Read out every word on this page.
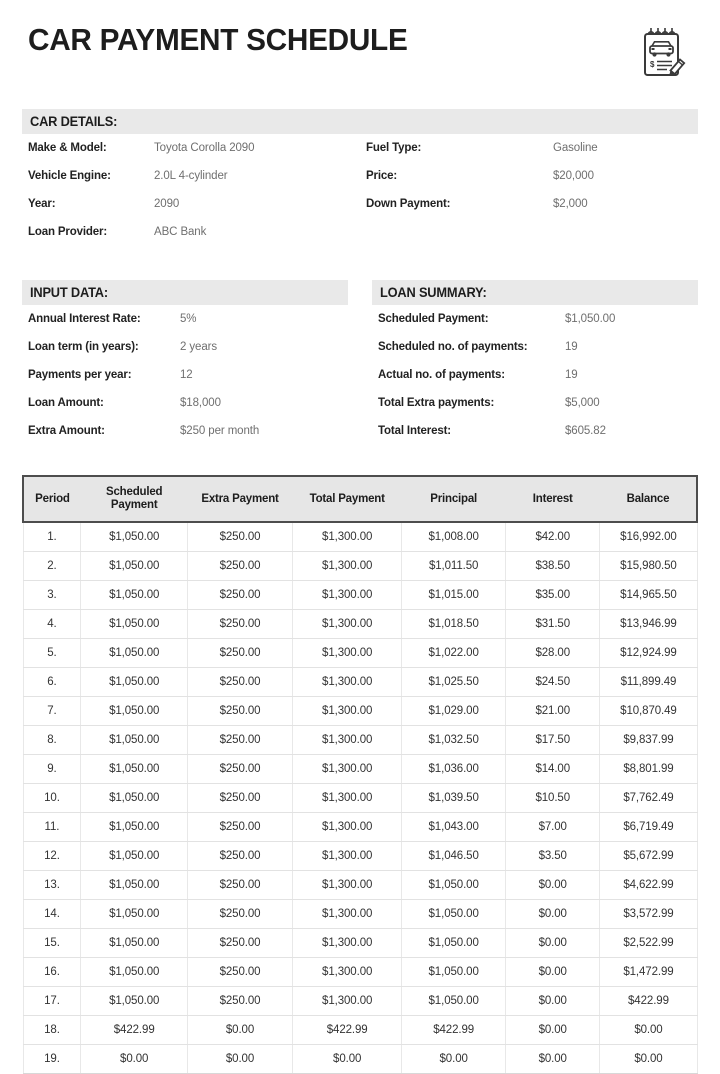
CAR PAYMENT SCHEDULE
$
CAR DETAILS:
Make & Model:	Toyota Corolla 2090
Vehicle Engine:	2.0L 4-cylinder
Year:	2090
Loan Provider:	ABC Bank
Fuel Type:	Gasoline
Price:	$20,000
Down Payment:	$2,000
INPUT DATA:
Annual Interest Rate:	5%
Loan term (in years):	2 years
Payments per year:	12
Loan Amount:	$18,000
Extra Amount:	$250 per month
LOAN SUMMARY:
Scheduled Payment:	$1,050.00
Scheduled no. of payments:	19
Actual no. of payments:	19
Total Extra payments:	$5,000
Total Interest:	$605.82
Period	Scheduled Payment	Extra Payment	Total Payment	Principal	Interest	Balance
1.	$1,050.00	$250.00	$1,300.00	$1,008.00	$42.00	$16,992.00
2.	$1,050.00	$250.00	$1,300.00	$1,011.50	$38.50	$15,980.50
3.	$1,050.00	$250.00	$1,300.00	$1,015.00	$35.00	$14,965.50
4.	$1,050.00	$250.00	$1,300.00	$1,018.50	$31.50	$13,946.99
5.	$1,050.00	$250.00	$1,300.00	$1,022.00	$28.00	$12,924.99
6.	$1,050.00	$250.00	$1,300.00	$1,025.50	$24.50	$11,899.49
7.	$1,050.00	$250.00	$1,300.00	$1,029.00	$21.00	$10,870.49
8.	$1,050.00	$250.00	$1,300.00	$1,032.50	$17.50	$9,837.99
9.	$1,050.00	$250.00	$1,300.00	$1,036.00	$14.00	$8,801.99
10.	$1,050.00	$250.00	$1,300.00	$1,039.50	$10.50	$7,762.49
11.	$1,050.00	$250.00	$1,300.00	$1,043.00	$7.00	$6,719.49
12.	$1,050.00	$250.00	$1,300.00	$1,046.50	$3.50	$5,672.99
13.	$1,050.00	$250.00	$1,300.00	$1,050.00	$0.00	$4,622.99
14.	$1,050.00	$250.00	$1,300.00	$1,050.00	$0.00	$3,572.99
15.	$1,050.00	$250.00	$1,300.00	$1,050.00	$0.00	$2,522.99
16.	$1,050.00	$250.00	$1,300.00	$1,050.00	$0.00	$1,472.99
17.	$1,050.00	$250.00	$1,300.00	$1,050.00	$0.00	$422.99
18.	$422.99	$0.00	$422.99	$422.99	$0.00	$0.00
19.	$0.00	$0.00	$0.00	$0.00	$0.00	$0.00
